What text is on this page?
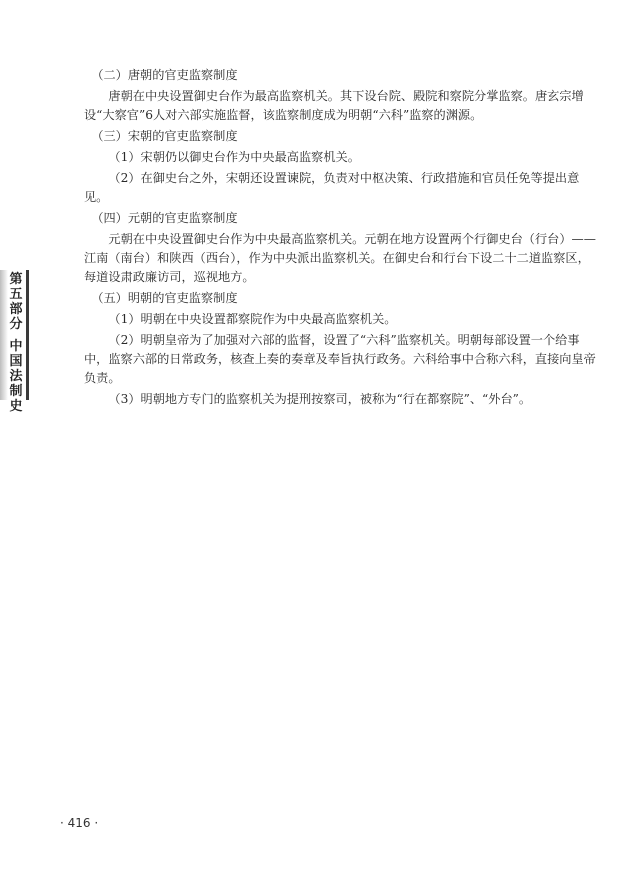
第
五
部
分
中
国
法
制
史

（二）唐朝的官吏监察制度

唐朝在中央设置御史台作为最高监察机关。其下设台院、殿院和察院分掌监察。唐玄宗增设“大察官”6人对六部实施监督，该监察制度成为明朝“六科”监察的渊源。

（三）宋朝的官吏监察制度

（1）宋朝仍以御史台作为中央最高监察机关。

（2）在御史台之外，宋朝还设置谏院，负责对中枢决策、行政措施和官员任免等提出意见。

（四）元朝的官吏监察制度

元朝在中央设置御史台作为中央最高监察机关。元朝在地方设置两个行御史台（行台）——江南（南台）和陕西（西台），作为中央派出监察机关。在御史台和行台下设二十二道监察区，每道设肃政廉访司，巡视地方。

（五）明朝的官吏监察制度

（1）明朝在中央设置都察院作为中央最高监察机关。

（2）明朝皇帝为了加强对六部的监督，设置了“六科”监察机关。明朝每部设置一个给事中，监察六部的日常政务，核查上奏的奏章及奉旨执行政务。六科给事中合称六科，直接向皇帝负责。

（3）明朝地方专门的监察机关为提刑按察司，被称为“行在都察院”、“外台”。

· 416 ·
